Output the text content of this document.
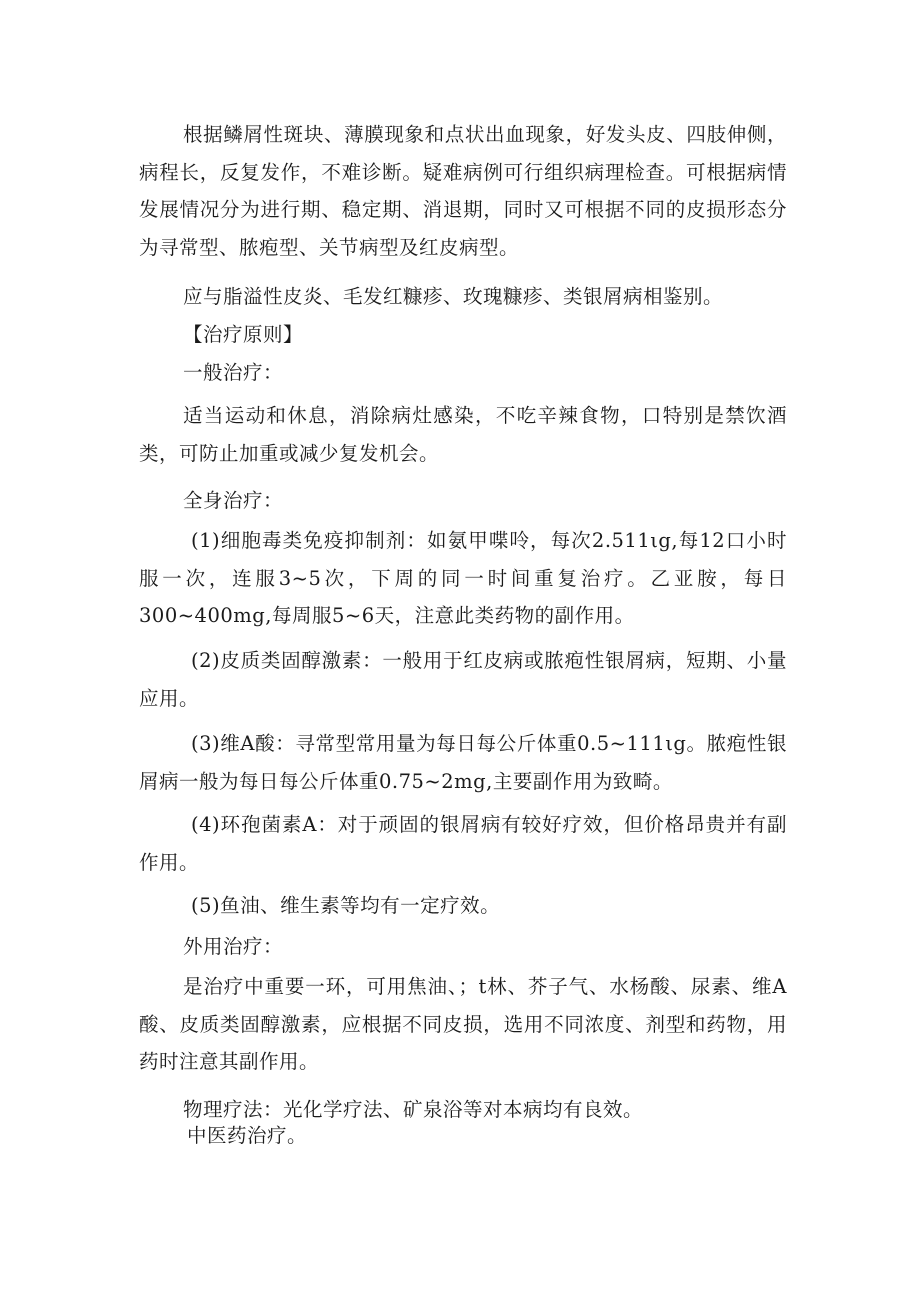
根据鳞屑性斑块、薄膜现象和点状出血现象，好发头皮、四肢伸侧，病程长，反复发作，不难诊断。疑难病例可行组织病理检查。可根据病情发展情况分为进行期、稳定期、消退期，同时又可根据不同的皮损形态分为寻常型、脓疱型、关节病型及红皮病型。

应与脂溢性皮炎、毛发红糠疹、玫瑰糠疹、类银屑病相鉴别。

【治疗原则】

一般治疗：

适当运动和休息，消除病灶感染，不吃辛辣食物，口特别是禁饮酒类，可防止加重或减少复发机会。

全身治疗：

(1)细胞毒类免疫抑制剂：如氨甲喋呤，每次2.511ιg,每12口小时服一次，连服3~5次，下周的同一时间重复治疗。乙亚胺，每日300~400mg,每周服5~6天，注意此类药物的副作用。

(2)皮质类固醇激素：一般用于红皮病或脓疱性银屑病，短期、小量应用。

(3)维A酸：寻常型常用量为每日每公斤体重0.5~111ιg。脓疱性银屑病一般为每日每公斤体重0.75~2mg,主要副作用为致畸。

(4)环孢菌素A：对于顽固的银屑病有较好疗效，但价格昂贵并有副作用。

(5)鱼油、维生素等均有一定疗效。

外用治疗：

是治疗中重要一环，可用焦油、；t林、芥子气、水杨酸、尿素、维A酸、皮质类固醇激素，应根据不同皮损，选用不同浓度、剂型和药物，用药时注意其副作用。

物理疗法：光化学疗法、矿泉浴等对本病均有良效。

中医药治疗。
